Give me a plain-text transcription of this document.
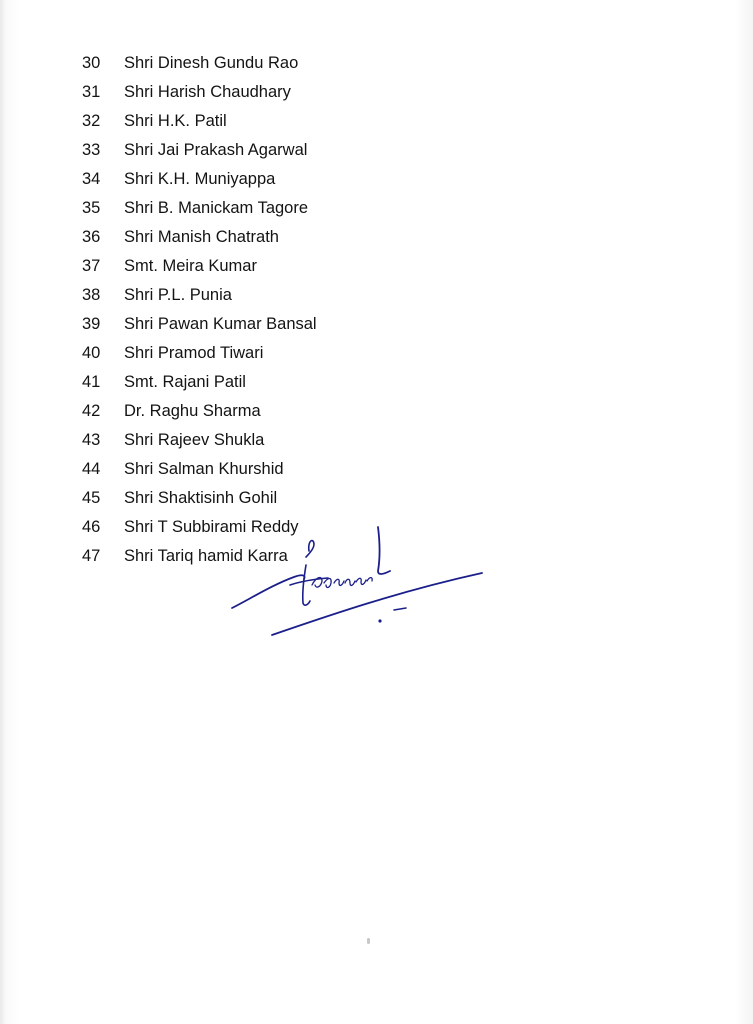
30	Shri Dinesh Gundu Rao
31	Shri Harish Chaudhary
32	Shri H.K. Patil
33	Shri Jai Prakash Agarwal
34	Shri K.H. Muniyappa
35	Shri B. Manickam Tagore
36	Shri Manish Chatrath
37	Smt. Meira Kumar
38	Shri P.L. Punia
39	Shri Pawan Kumar Bansal
40	Shri Pramod Tiwari
41	Smt. Rajani Patil
42	Dr. Raghu Sharma
43	Shri Rajeev Shukla
44	Shri Salman Khurshid
45	Shri Shaktisinh Gohil
46	Shri T Subbirami Reddy
47	Shri Tariq hamid Karra
